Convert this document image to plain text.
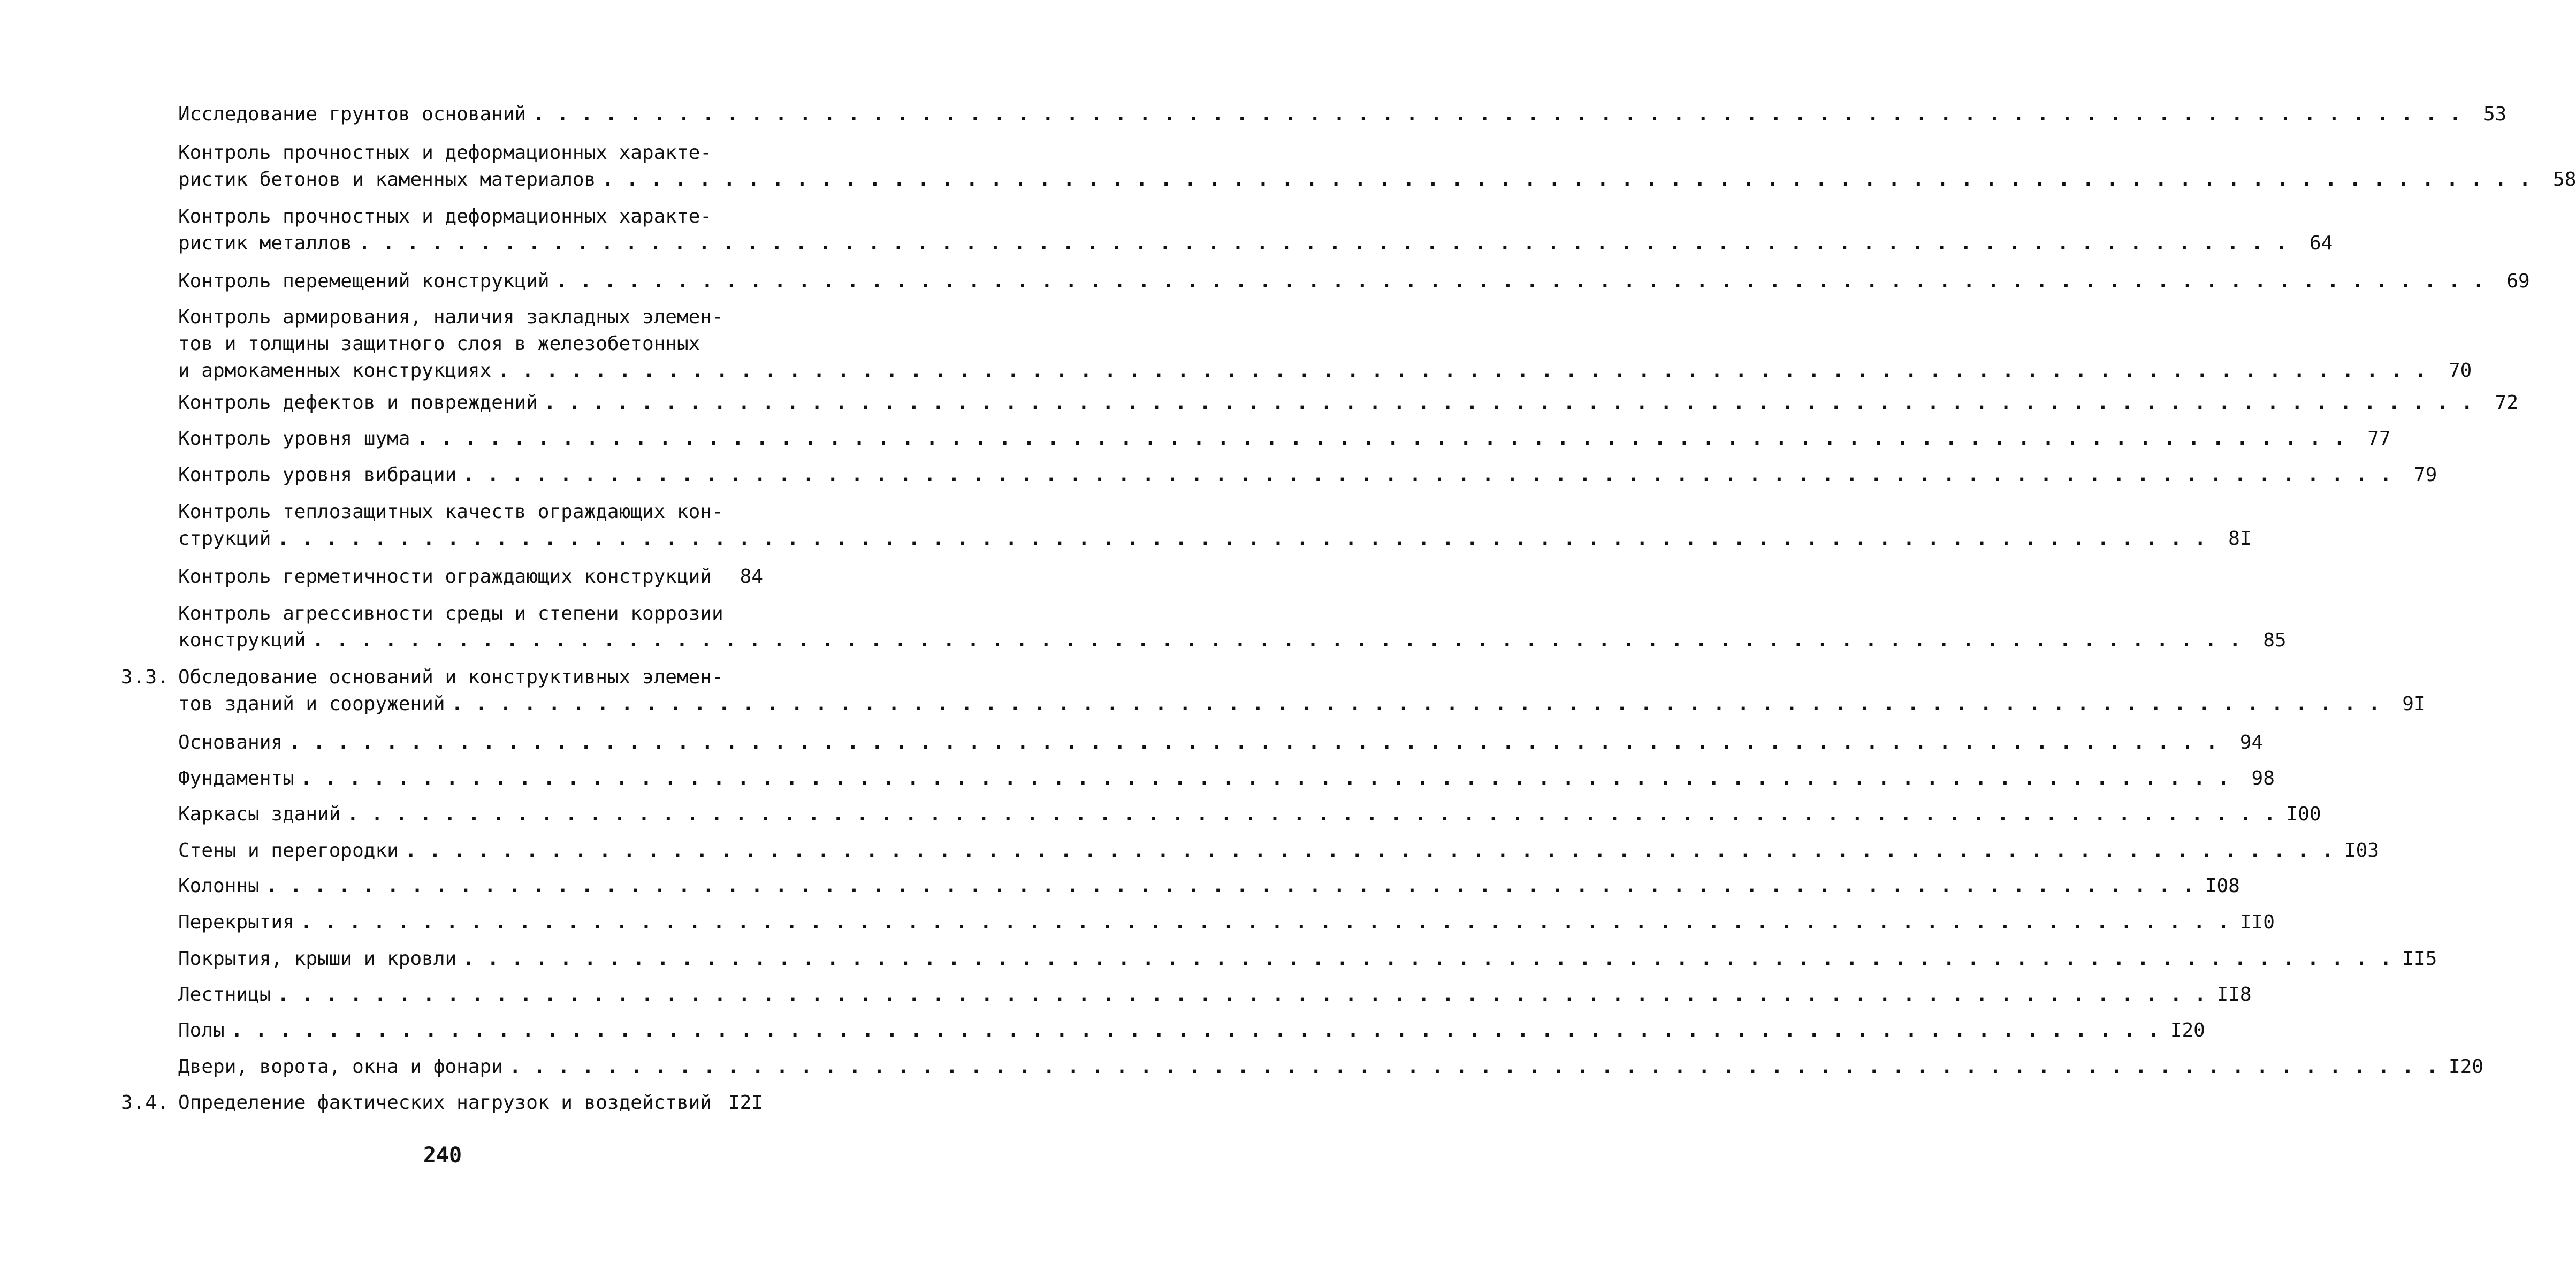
Исследование грунтов оснований . . . . . . . . . . . . . . . . . . . . . . . . . . . . . . . . . . . . . . . . . . . . . . . . . . . . . . . . . . . . . . . . . . . . . . . . . . . . . . . .	53
Контроль прочностных и деформационных характе-
ристик бетонов и каменных материалов . . . . . . . . . . . . . . . . . . . . . . . . . . . . . . . . . . . . . . . . . . . . . . . . . . . . . . . . . . . . . . . . . . . . . . . . . . . . . . . .	58
Контроль прочностных и деформационных характе-
ристик металлов . . . . . . . . . . . . . . . . . . . . . . . . . . . . . . . . . . . . . . . . . . . . . . . . . . . . . . . . . . . . . . . . . . . . . . . . . . . . . . . .	64
Контроль перемещений конструкций . . . . . . . . . . . . . . . . . . . . . . . . . . . . . . . . . . . . . . . . . . . . . . . . . . . . . . . . . . . . . . . . . . . . . . . . . . . . . . . .	69
Контроль армирования, наличия закладных элемен-
тов и толщины защитного слоя в железобетонных
и армокаменных конструкциях . . . . . . . . . . . . . . . . . . . . . . . . . . . . . . . . . . . . . . . . . . . . . . . . . . . . . . . . . . . . . . . . . . . . . . . . . . . . . . . .	70
Контроль дефектов и повреждений . . . . . . . . . . . . . . . . . . . . . . . . . . . . . . . . . . . . . . . . . . . . . . . . . . . . . . . . . . . . . . . . . . . . . . . . . . . . . . . .	72
Контроль уровня шума . . . . . . . . . . . . . . . . . . . . . . . . . . . . . . . . . . . . . . . . . . . . . . . . . . . . . . . . . . . . . . . . . . . . . . . . . . . . . . . .	77
Контроль уровня вибрации . . . . . . . . . . . . . . . . . . . . . . . . . . . . . . . . . . . . . . . . . . . . . . . . . . . . . . . . . . . . . . . . . . . . . . . . . . . . . . . .	79
Контроль теплозащитных качеств ограждающих кон-
струкций . . . . . . . . . . . . . . . . . . . . . . . . . . . . . . . . . . . . . . . . . . . . . . . . . . . . . . . . . . . . . . . . . . . . . . . . . . . . . . . .	8I
Контроль герметичности ограждающих конструкций	84
Контроль агрессивности среды и степени коррозии
конструкций . . . . . . . . . . . . . . . . . . . . . . . . . . . . . . . . . . . . . . . . . . . . . . . . . . . . . . . . . . . . . . . . . . . . . . . . . . . . . . . .	85
3.3. Обследование оснований и конструктивных элемен-
тов зданий и сооружений . . . . . . . . . . . . . . . . . . . . . . . . . . . . . . . . . . . . . . . . . . . . . . . . . . . . . . . . . . . . . . . . . . . . . . . . . . . . . . . .	9I
Основания . . . . . . . . . . . . . . . . . . . . . . . . . . . . . . . . . . . . . . . . . . . . . . . . . . . . . . . . . . . . . . . . . . . . . . . . . . . . . . . .	94
Фундаменты . . . . . . . . . . . . . . . . . . . . . . . . . . . . . . . . . . . . . . . . . . . . . . . . . . . . . . . . . . . . . . . . . . . . . . . . . . . . . . . .	98
Каркасы зданий . . . . . . . . . . . . . . . . . . . . . . . . . . . . . . . . . . . . . . . . . . . . . . . . . . . . . . . . . . . . . . . . . . . . . . . . . . . . . . . . I00
Стены и перегородки . . . . . . . . . . . . . . . . . . . . . . . . . . . . . . . . . . . . . . . . . . . . . . . . . . . . . . . . . . . . . . . . . . . . . . . . . . . . . . . . I03
Колонны . . . . . . . . . . . . . . . . . . . . . . . . . . . . . . . . . . . . . . . . . . . . . . . . . . . . . . . . . . . . . . . . . . . . . . . . . . . . . . . . I08
Перекрытия . . . . . . . . . . . . . . . . . . . . . . . . . . . . . . . . . . . . . . . . . . . . . . . . . . . . . . . . . . . . . . . . . . . . . . . . . . . . . . . . II0
Покрытия, крыши и кровли . . . . . . . . . . . . . . . . . . . . . . . . . . . . . . . . . . . . . . . . . . . . . . . . . . . . . . . . . . . . . . . . . . . . . . . . . . . . . . . . II5
Лестницы . . . . . . . . . . . . . . . . . . . . . . . . . . . . . . . . . . . . . . . . . . . . . . . . . . . . . . . . . . . . . . . . . . . . . . . . . . . . . . . . II8
Полы . . . . . . . . . . . . . . . . . . . . . . . . . . . . . . . . . . . . . . . . . . . . . . . . . . . . . . . . . . . . . . . . . . . . . . . . . . . . . . . . I20
Двери, ворота, окна и фонари . . . . . . . . . . . . . . . . . . . . . . . . . . . . . . . . . . . . . . . . . . . . . . . . . . . . . . . . . . . . . . . . . . . . . . . . . . . . . . . . I20
3.4. Определение фактических нагрузок и воздействий I2I
240
